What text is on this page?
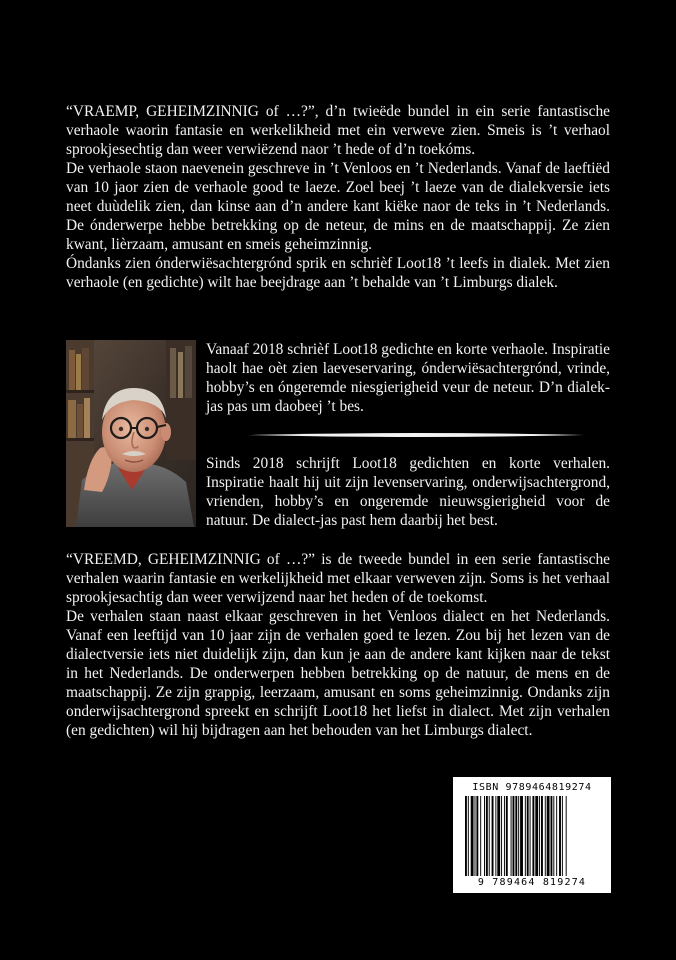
“VRAEMP, GEHEIMZINNIG of …?”, d’n twieëde bundel in ein serie fantastische verhaole waorin fantasie en werkelikheid met ein verweve zien. Smeis is ’t verhaol sprookjesechtig dan weer verwiëzend naor ’t hede of d’n toekóms.

De verhaole staon naevenein geschreve in ’t Venloos en ’t Nederlands. Vanaf de laeftiëd van 10 jaor zien de verhaole good te laeze. Zoel beej ’t laeze van de dialekversie iets neet duùdelik zien, dan kinse aan d’n andere kant kiëke naor de teks in ’t Nederlands. De ónderwerpe hebbe betrekking op de neteur, de mins en de maatschappij. Ze zien kwant, lièrzaam, amusant en smeis geheimzinnig.

Óndanks zien ónderwiësachtergrónd sprik en schrièf Loot18 ’t leefs in dialek. Met zien verhaole (en gedichte) wilt hae beejdrage aan ’t behalde van ’t Limburgs dialek.

Vanaaf 2018 schrièf Loot18 gedichte en korte verhaole. Inspiratie haolt hae oèt zien laeveservaring, ónderwiësachtergrónd, vrinde, hobby’s en óngeremde niesgierigheid veur de neteur. D’n dialek-jas pas um daobeej ’t bes.

Sinds 2018 schrijft Loot18 gedichten en korte verhalen. Inspiratie haalt hij uit zijn levenservaring, onderwijsachtergrond, vrienden, hobby’s en ongeremde nieuwsgierigheid voor de natuur. De dialect-jas past hem daarbij het best.

“VREEMD, GEHEIMZINNIG of …?” is de tweede bundel in een serie fantastische verhalen waarin fantasie en werkelijkheid met elkaar verweven zijn. Soms is het verhaal sprookjesachtig dan weer verwijzend naar het heden of de toekomst.

De verhalen staan naast elkaar geschreven in het Venloos dialect en het Nederlands. Vanaf een leeftijd van 10 jaar zijn de verhalen goed te lezen. Zou bij het lezen van de dialectversie iets niet duidelijk zijn, dan kun je aan de andere kant kijken naar de tekst in het Nederlands. De onderwerpen hebben betrekking op de natuur, de mens en de maatschappij. Ze zijn grappig, leerzaam, amusant en soms geheimzinnig. Ondanks zijn onderwijsachtergrond spreekt en schrijft Loot18 het liefst in dialect. Met zijn verhalen (en gedichten) wil hij bijdragen aan het behouden van het Limburgs dialect.

ISBN 9789464819274
9 789464 819274
